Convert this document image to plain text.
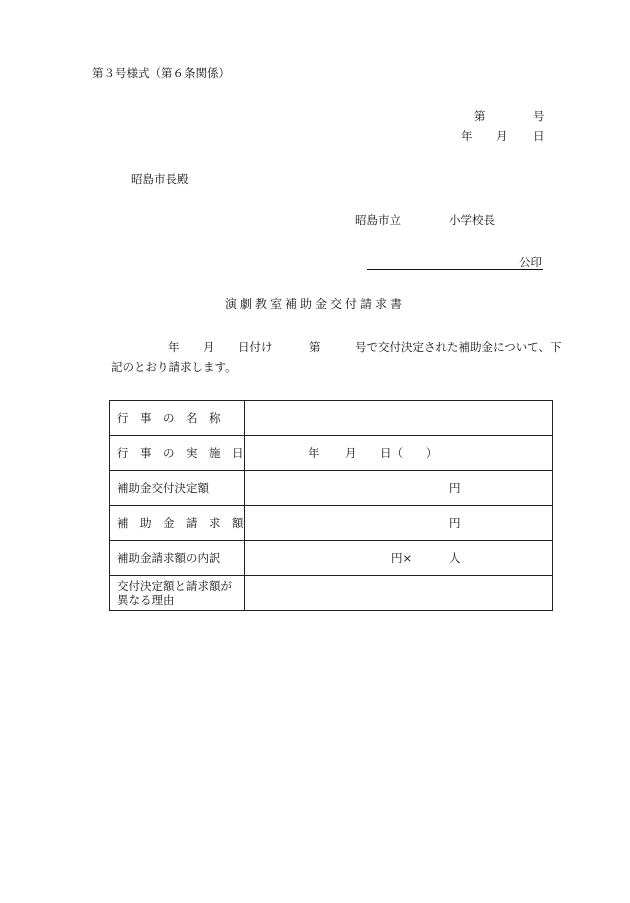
第３号様式（第６条関係）
第	号
年 月 日
昭島市長殿
昭島市立	小学校長
公印
演劇教室補助金交付請求書
年 月 日付け	第	号で交付決定された補助金について、下
記のとおり請求します。
行　事　の　名　称	
行　事　の　実　施　日	年 月 日（　　）

補助金交付決定額	円

補　助　金　請　求　額	円

補助金請求額の内訳	円× 人

交付決定額と請求額が異なる理由	
